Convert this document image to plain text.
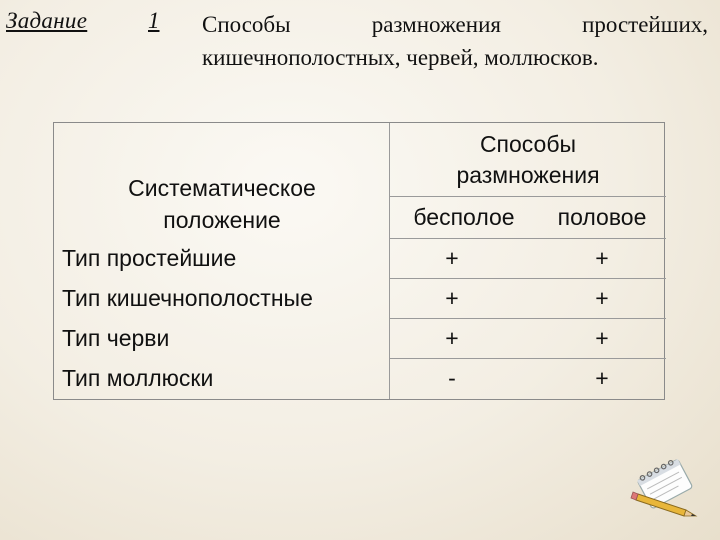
Задание	1 Способы размножения простейших, кишечнополостных, червей, моллюсков.
Систематическое
положение
Способы
размножения
бесполое	половое
Тип простейшие	+	+
Тип кишечнополостные	+	+
Тип черви	+	+
Тип моллюски	-	+
